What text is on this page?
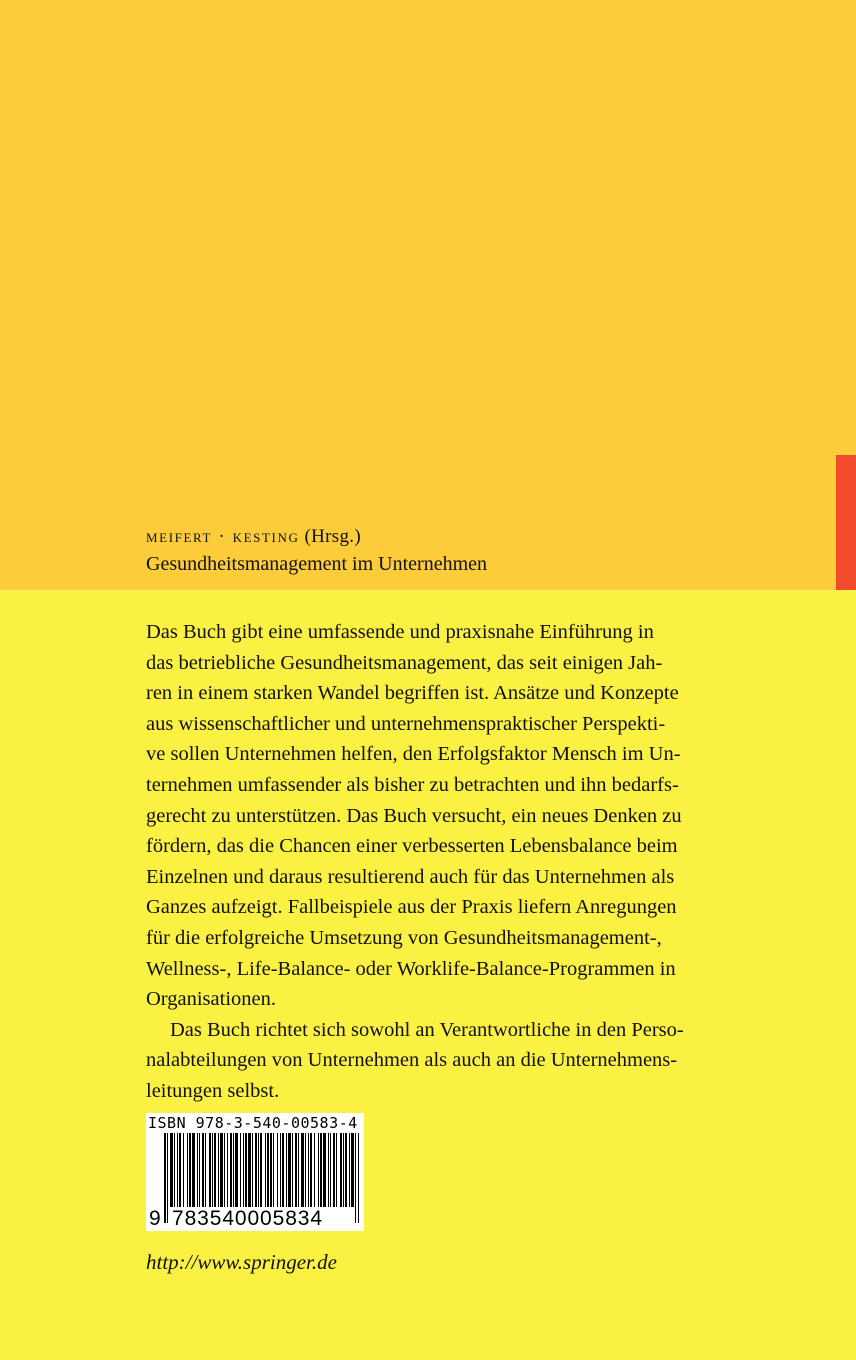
meifert · kesting (Hrsg.)
Gesundheitsmanagement im Unternehmen
Das Buch gibt eine umfassende und praxisnahe Einführung in
das betriebliche Gesundheitsmanagement, das seit einigen Jah-
ren in einem starken Wandel begriffen ist. Ansätze und Konzepte
aus wissenschaftlicher und unternehmenspraktischer Perspekti-
ve sollen Unternehmen helfen, den Erfolgsfaktor Mensch im Un-
ternehmen umfassender als bisher zu betrachten und ihn bedarfs-
gerecht zu unterstützen. Das Buch versucht, ein neues Denken zu
fördern, das die Chancen einer verbesserten Lebensbalance beim
Einzelnen und daraus resultierend auch für das Unternehmen als
Ganzes aufzeigt. Fallbeispiele aus der Praxis liefern Anregungen
für die erfolgreiche Umsetzung von Gesundheitsmanagement-,
Wellness-, Life-Balance- oder Worklife-Balance-Programmen in
Organisationen.
Das Buch richtet sich sowohl an Verantwortliche in den Perso-
nalabteilungen von Unternehmen als auch an die Unternehmens-
leitungen selbst.
ISBN 978-3-540-00583-4
9 783540005834
http://www.springer.de
